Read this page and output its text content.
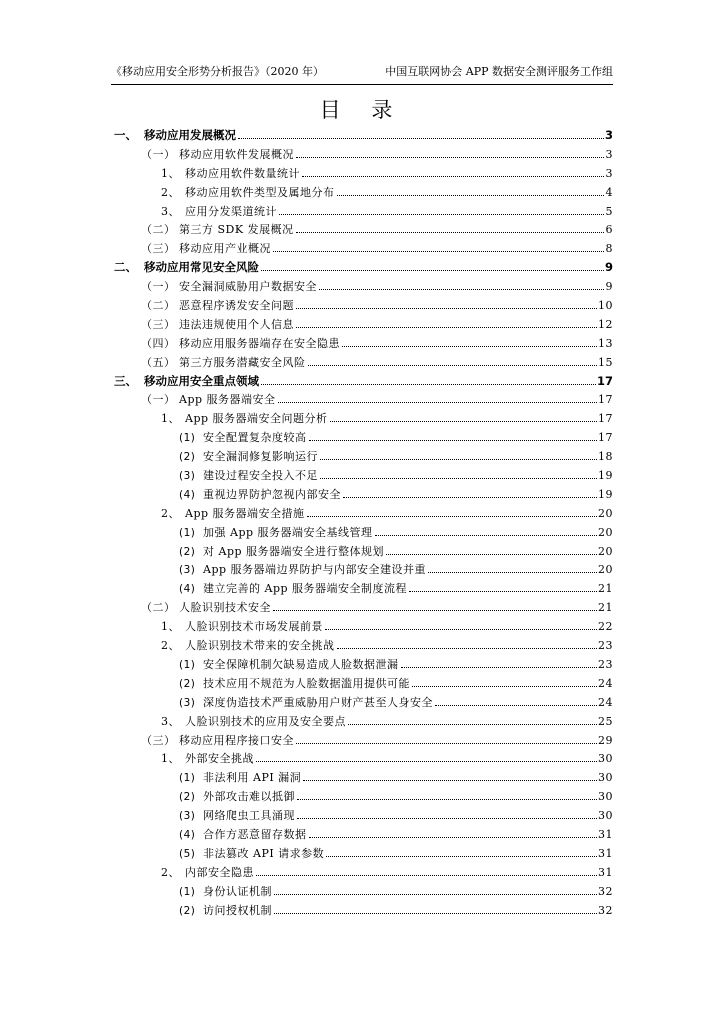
《移动应用安全形势分析报告》（2020 年）	中国互联网协会 APP 数据安全测评服务工作组
目 录
一、 移动应用发展概况	3
（一） 移动应用软件发展概况	3
1、 移动应用软件数量统计	3
2、 移动应用软件类型及属地分布	4
3、 应用分发渠道统计	5
（二） 第三方 SDK 发展概况	6
（三） 移动应用产业概况	8
二、 移动应用常见安全风险	9
（一） 安全漏洞威胁用户数据安全	9
（二） 恶意程序诱发安全问题	10
（三） 违法违规使用个人信息	12
（四） 移动应用服务器端存在安全隐患	13
（五） 第三方服务潜藏安全风险	15
三、 移动应用安全重点领域	17
（一） App 服务器端安全	17
1、 App 服务器端安全问题分析	17
(1) 安全配置复杂度较高	17
(2) 安全漏洞修复影响运行	18
(3) 建设过程安全投入不足	19
(4) 重视边界防护忽视内部安全	19
2、 App 服务器端安全措施	20
(1) 加强 App 服务器端安全基线管理	20
(2) 对 App 服务器端安全进行整体规划	20
(3) App 服务器端边界防护与内部安全建设并重	20
(4) 建立完善的 App 服务器端安全制度流程	21
（二） 人脸识别技术安全	21
1、 人脸识别技术市场发展前景	22
2、 人脸识别技术带来的安全挑战	23
(1) 安全保障机制欠缺易造成人脸数据泄漏	23
(2) 技术应用不规范为人脸数据滥用提供可能	24
(3) 深度伪造技术严重威胁用户财产甚至人身安全	24
3、 人脸识别技术的应用及安全要点	25
（三） 移动应用程序接口安全	29
1、 外部安全挑战	30
(1) 非法利用 API 漏洞	30
(2) 外部攻击难以抵御	30
(3) 网络爬虫工具涌现	30
(4) 合作方恶意留存数据	31
(5) 非法篡改 API 请求参数	31
2、 内部安全隐患	31
(1) 身份认证机制	32
(2) 访问授权机制	32
